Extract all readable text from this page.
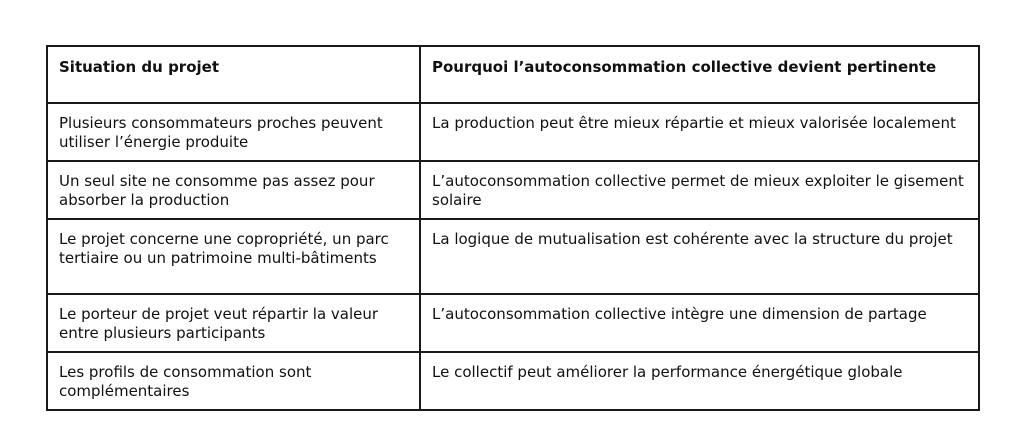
Situation du projet	Pourquoi l’autoconsommation collective devient pertinente
Plusieurs consommateurs proches peuvent utiliser l’énergie produite	La production peut être mieux répartie et mieux valorisée localement
Un seul site ne consomme pas assez pour absorber la production	L’autoconsommation collective permet de mieux exploiter le gisement solaire
Le projet concerne une copropriété, un parc tertiaire ou un patrimoine multi-bâtiments	La logique de mutualisation est cohérente avec la structure du projet
Le porteur de projet veut répartir la valeur entre plusieurs participants	L’autoconsommation collective intègre une dimension de partage
Les profils de consommation sont complémentaires	Le collectif peut améliorer la performance énergétique globale
